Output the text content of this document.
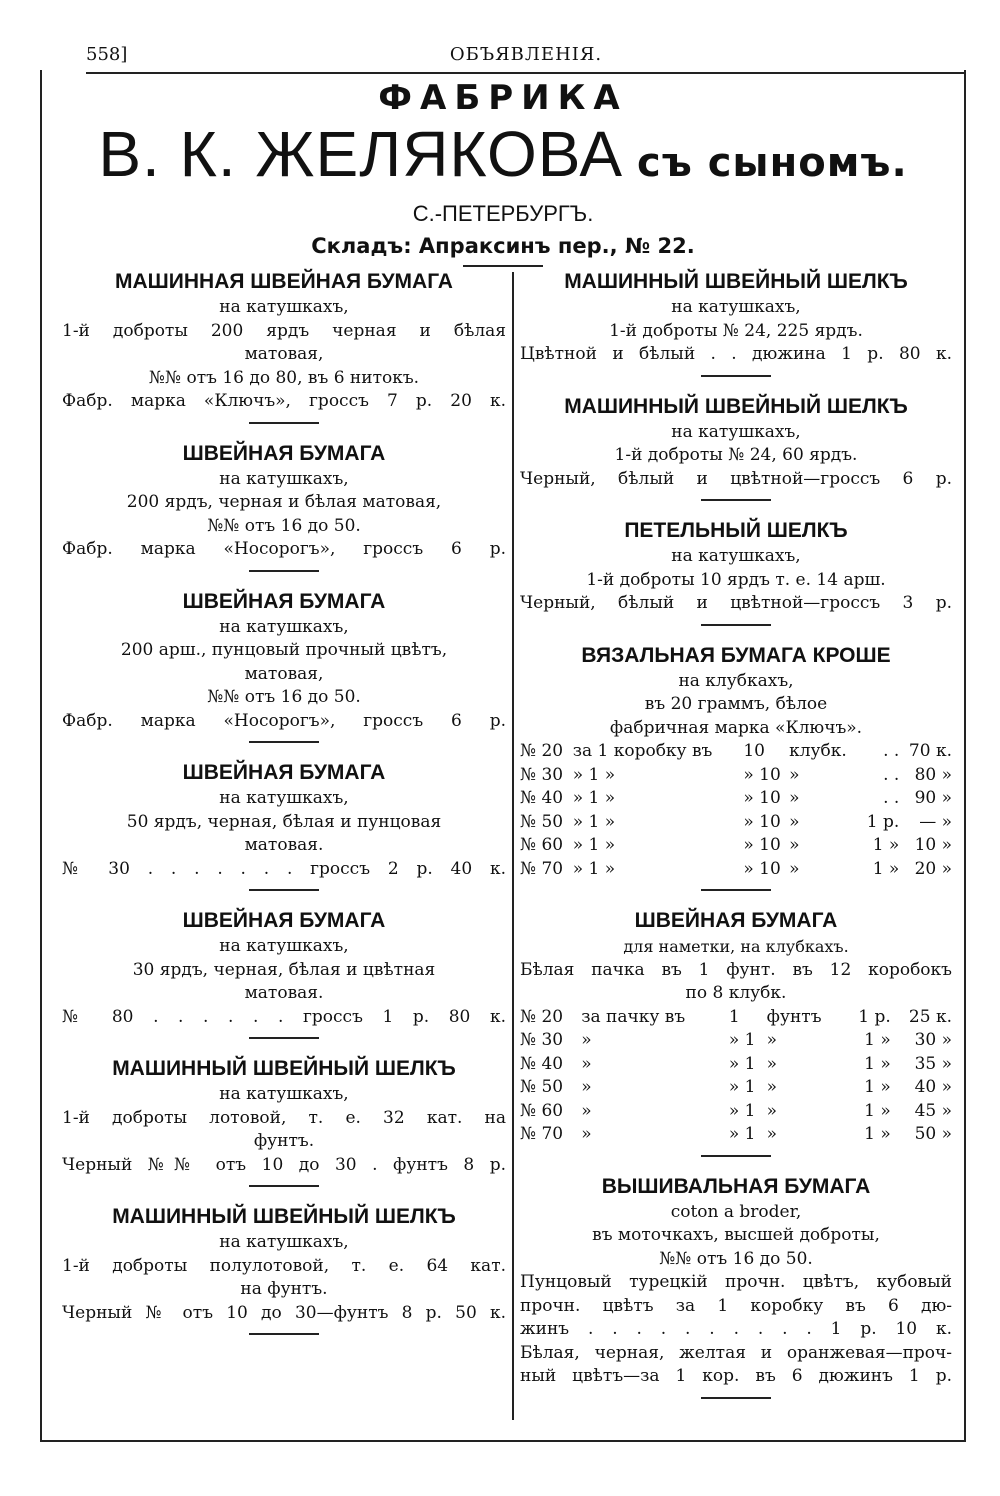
558]	ОБЪЯВЛЕНІЯ.
ФАБРИКА
В. К. ЖЕЛЯКОВА съ сыномъ.
С.-ПЕТЕРБУРГЪ.
Складъ: Апраксинъ пер., № 22.
МАШИННАЯ ШВЕЙНАЯ БУМАГА
на катушкахъ,
1-й доброты 200 ярдъ черная и бѣлая
матовая,
№№ отъ 16 до 80, въ 6 нитокъ.
Фабр. марка «Ключъ», гроссъ 7 р. 20 к.
ШВЕЙНАЯ БУМАГА
на катушкахъ,
200 ярдъ, черная и бѣлая матовая,
№№ отъ 16 до 50.
Фабр. марка «Носорогъ», гроссъ 6 р.
ШВЕЙНАЯ БУМАГА
на катушкахъ,
200 арш., пунцовый прочный цвѣтъ,
матовая,
№№ отъ 16 до 50.
Фабр. марка «Носорогъ», гроссъ 6 р.
ШВЕЙНАЯ БУМАГА
на катушкахъ,
50 ярдъ, черная, бѣлая и пунцовая
матовая.
№ 30 . . . . . . . гроссъ 2 р. 40 к.
ШВЕЙНАЯ БУМАГА
на катушкахъ,
30 ярдъ, черная, бѣлая и цвѣтная
матовая.
№ 80 . . . . . . гроссъ 1 р. 80 к.
МАШИННЫЙ ШВЕЙНЫЙ ШЕЛКЪ
на катушкахъ,
1-й доброты лотовой, т. е. 32 кат. на
фунтъ.
Черный №№ отъ 10 до 30 . фунтъ 8 р.
МАШИННЫЙ ШВЕЙНЫЙ ШЕЛКЪ
на катушкахъ,
1-й доброты полулотовой, т. е. 64 кат.
на фунтъ.
Черный № отъ 10 до 30—фунтъ 8 р. 50 к.
МАШИННЫЙ ШВЕЙНЫЙ ШЕЛКЪ
на катушкахъ,
1-й доброты № 24, 225 ярдъ.
Цвѣтной и бѣлый . . дюжина 1 р. 80 к.
МАШИННЫЙ ШВЕЙНЫЙ ШЕЛКЪ
на катушкахъ,
1-й доброты № 24, 60 ярдъ.
Черный, бѣлый и цвѣтной—гроссъ 6 р.
ПЕТЕЛЬНЫЙ ШЕЛКЪ
на катушкахъ,
1-й доброты 10 ярдъ т. е. 14 арш.
Черный, бѣлый и цвѣтной—гроссъ 3 р.
ВЯЗАЛЬНАЯ БУМАГА КРОШЕ
на клубкахъ,
въ 20 граммъ, бѣлое
фабричная марка «Ключъ».
№ 20	за 1 коробку въ	10	клубк.	. .	70 к.
№ 30	» 1 »	» 10	»	. .	80 »
№ 40	» 1 »	» 10	»	. .	90 »
№ 50	» 1 »	» 10	»	1 р.	— »
№ 60	» 1 »	» 10	»	1 »	10 »
№ 70	» 1 »	» 10	»	1 »	20 »
ШВЕЙНАЯ БУМАГА
для наметки, на клубкахъ.
Бѣлая пачка въ 1 фунт. въ 12 коробокъ
по 8 клубк.
№ 20	за пачку въ	1	фунтъ	1 р.	25 к.
№ 30	»	» 1	»	1 »	30 »
№ 40	»	» 1	»	1 »	35 »
№ 50	»	» 1	»	1 »	40 »
№ 60	»	» 1	»	1 »	45 »
№ 70	»	» 1	»	1 »	50 »
ВЫШИВАЛЬНАЯ БУМАГА
coton a broder,
въ моточкахъ, высшей доброты,
№№ отъ 16 до 50.
Пунцовый турецкій прочн. цвѣтъ, кубовый
прочн. цвѣтъ за 1 коробку въ 6 дю-
жинъ . . . . . . . . . . 1 р. 10 к.
Бѣлая, черная, желтая и оранжевая—проч-
ный цвѣтъ—за 1 кор. въ 6 дюжинъ 1 р.
